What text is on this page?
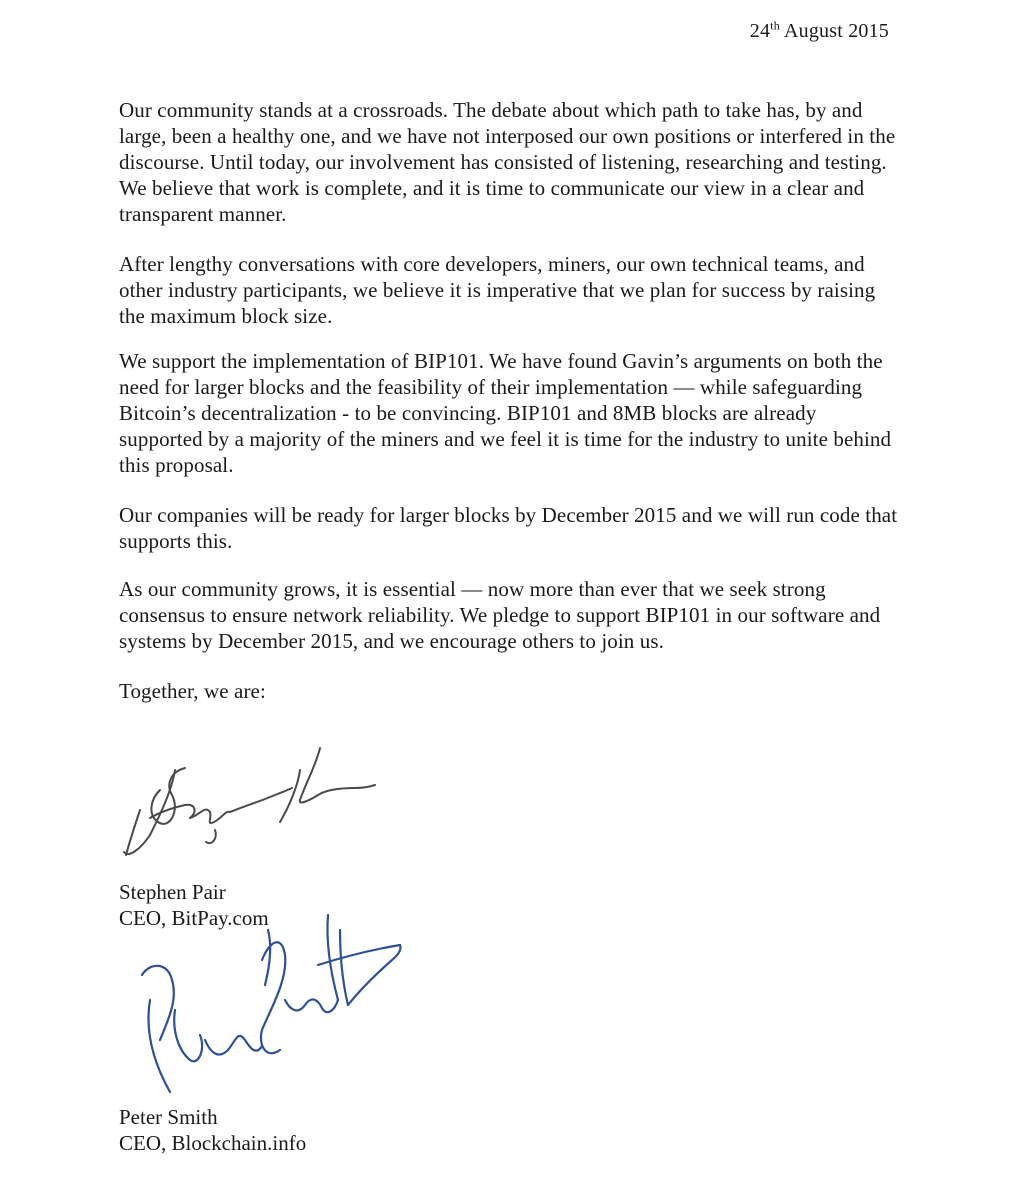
24th August 2015

Our community stands at a crossroads. The debate about which path to take has, by and large, been a healthy one, and we have not interposed our own positions or interfered in the discourse. Until today, our involvement has consisted of listening, researching and testing. We believe that work is complete, and it is time to communicate our view in a clear and transparent manner.

After lengthy conversations with core developers, miners, our own technical teams, and other industry participants, we believe it is imperative that we plan for success by raising the maximum block size.

We support the implementation of BIP101. We have found Gavin’s arguments on both the need for larger blocks and the feasibility of their implementation — while safeguarding Bitcoin’s decentralization - to be convincing. BIP101 and 8MB blocks are already supported by a majority of the miners and we feel it is time for the industry to unite behind this proposal.

Our companies will be ready for larger blocks by December 2015 and we will run code that supports this.

As our community grows, it is essential — now more than ever that we seek strong consensus to ensure network reliability. We pledge to support BIP101 in our software and systems by December 2015, and we encourage others to join us.

Together, we are:

Stephen Pair
CEO, BitPay.com
Peter Smith
CEO, Blockchain.info
